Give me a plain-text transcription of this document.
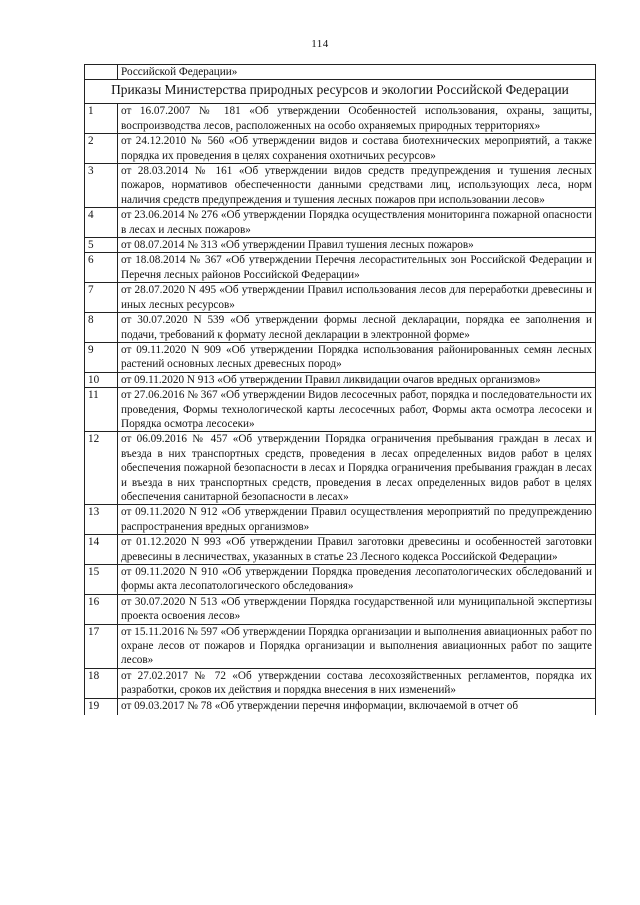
114
	Российской Федерации»
Приказы Министерства природных ресурсов и экологии Российской Федерации	
1	от 16.07.2007 № 181 «Об утверждении Особенностей использования, охраны, защиты, воспроизводства лесов, расположенных на особо охраняемых природных территориях»
2	от 24.12.2010 № 560 «Об утверждении видов и состава биотехнических мероприятий, а также порядка их проведения в целях сохранения охотничьих ресурсов»
3	от 28.03.2014 № 161 «Об утверждении видов средств предупреждения и тушения лесных пожаров, нормативов обеспеченности данными средствами лиц, использующих леса, норм наличия средств предупреждения и тушения лесных пожаров при использовании лесов»
4	от 23.06.2014 № 276 «Об утверждении Порядка осуществления мониторинга пожарной опасности в лесах и лесных пожаров»
5	от 08.07.2014 № 313 «Об утверждении Правил тушения лесных пожаров»
6	от 18.08.2014 № 367 «Об утверждении Перечня лесорастительных зон Российской Федерации и Перечня лесных районов Российской Федерации»
7	от 28.07.2020 N 495 «Об утверждении Правил использования лесов для переработки древесины и иных лесных ресурсов»
8	от 30.07.2020 N 539 «Об утверждении формы лесной декларации, порядка ее заполнения и подачи, требований к формату лесной декларации в электронной форме»
9	от 09.11.2020 N 909 «Об утверждении Порядка использования районированных семян лесных растений основных лесных древесных пород»
10	от 09.11.2020 N 913 «Об утверждении Правил ликвидации очагов вредных организмов»
11	от 27.06.2016 № 367 «Об утверждении Видов лесосечных работ, порядка и последовательности их проведения, Формы технологической карты лесосечных работ, Формы акта осмотра лесосеки и Порядка осмотра лесосеки»
12	от 06.09.2016 № 457 «Об утверждении Порядка ограничения пребывания граждан в лесах и въезда в них транспортных средств, проведения в лесах определенных видов работ в целях обеспечения пожарной безопасности в лесах и Порядка ограничения пребывания граждан в лесах и въезда в них транспортных средств, проведения в лесах определенных видов работ в целях обеспечения санитарной безопасности в лесах»
13	от 09.11.2020 N 912 «Об утверждении Правил осуществления мероприятий по предупреждению распространения вредных организмов»
14	от 01.12.2020 N 993 «Об утверждении Правил заготовки древесины и особенностей заготовки древесины в лесничествах, указанных в статье 23 Лесного кодекса Российской Федерации»
15	от 09.11.2020 N 910 «Об утверждении Порядка проведения лесопатологических обследований и формы акта лесопатологического обследования»
16	от 30.07.2020 N 513 «Об утверждении Порядка государственной или муниципальной экспертизы проекта освоения лесов»
17	от 15.11.2016 № 597 «Об утверждении Порядка организации и выполнения авиационных работ по охране лесов от пожаров и Порядка организации и выполнения авиационных работ по защите лесов»
18	от 27.02.2017 № 72 «Об утверждении состава лесохозяйственных регламентов, порядка их разработки, сроков их действия и порядка внесения в них изменений»
19	от 09.03.2017 № 78 «Об утверждении перечня информации, включаемой в отчет об
